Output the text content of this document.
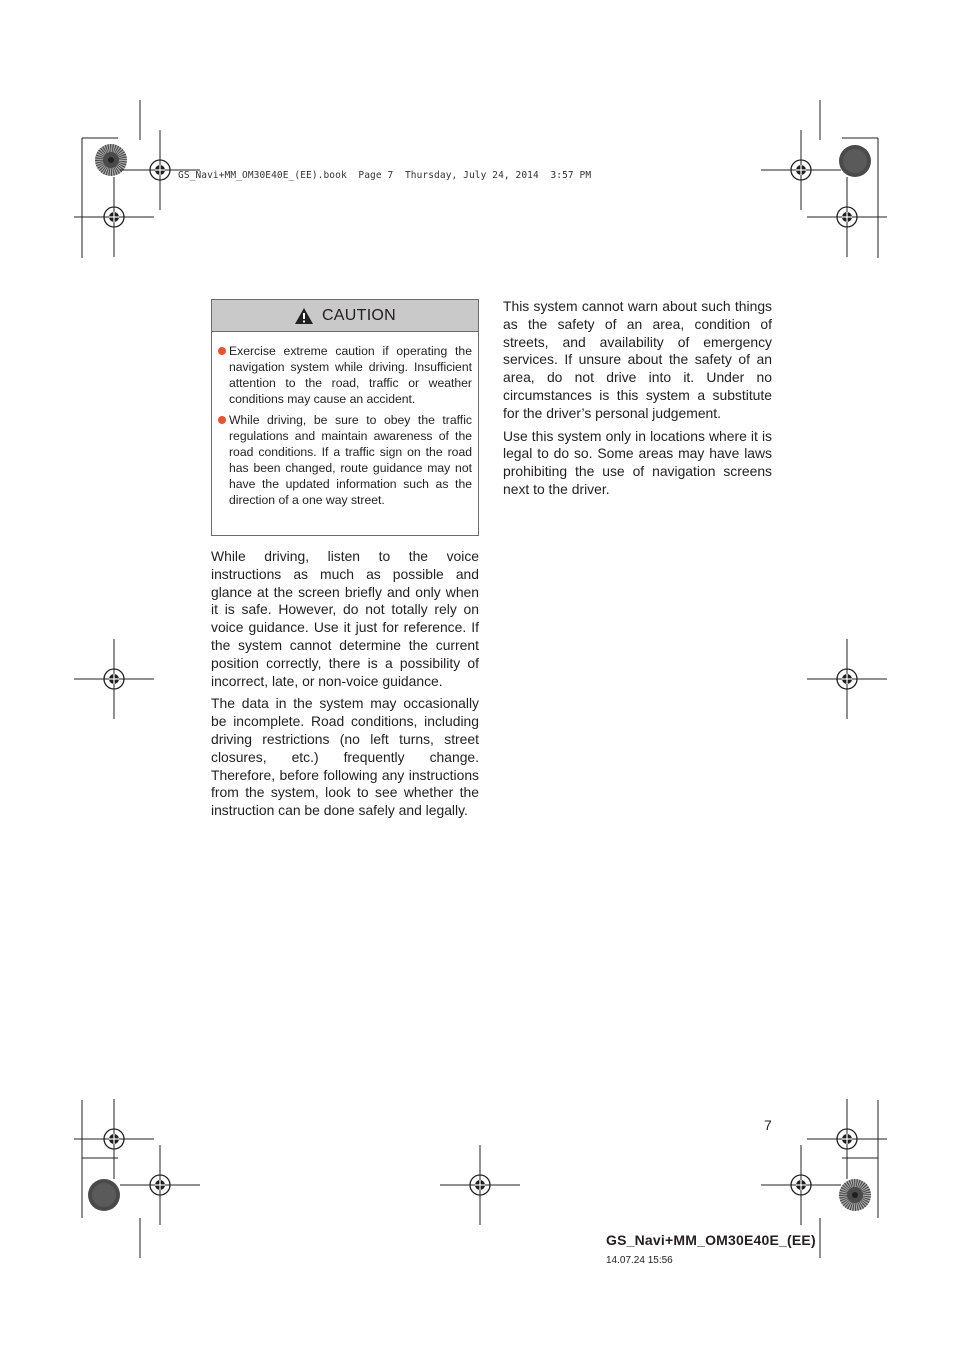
GS_Navi+MM_OM30E40E_(EE).book  Page 7  Thursday, July 24, 2014  3:57 PM
CAUTION
Exercise extreme caution if operating the navigation system while driving. Insufficient attention to the road, traffic or weather conditions may cause an accident.
While driving, be sure to obey the traffic regulations and maintain awareness of the road conditions. If a traffic sign on the road has been changed, route guidance may not have the updated information such as the direction of a one way street.

While driving, listen to the voice instructions as much as possible and glance at the screen briefly and only when it is safe. However, do not totally rely on voice guidance. Use it just for reference. If the system cannot determine the current position correctly, there is a possibility of incorrect, late, or non-voice guidance.

The data in the system may occasionally be incomplete. Road conditions, including driving restrictions (no left turns, street closures, etc.) frequently change. Therefore, before following any instructions from the system, look to see whether the instruction can be done safely and legally.

This system cannot warn about such things as the safety of an area, condition of streets, and availability of emergency services. If unsure about the safety of an area, do not drive into it. Under no circumstances is this system a substitute for the driver’s personal judgement.

Use this system only in locations where it is legal to do so. Some areas may have laws prohibiting the use of navigation screens next to the driver.

7
GS_Navi+MM_OM30E40E_(EE)
14.07.24 15:56
